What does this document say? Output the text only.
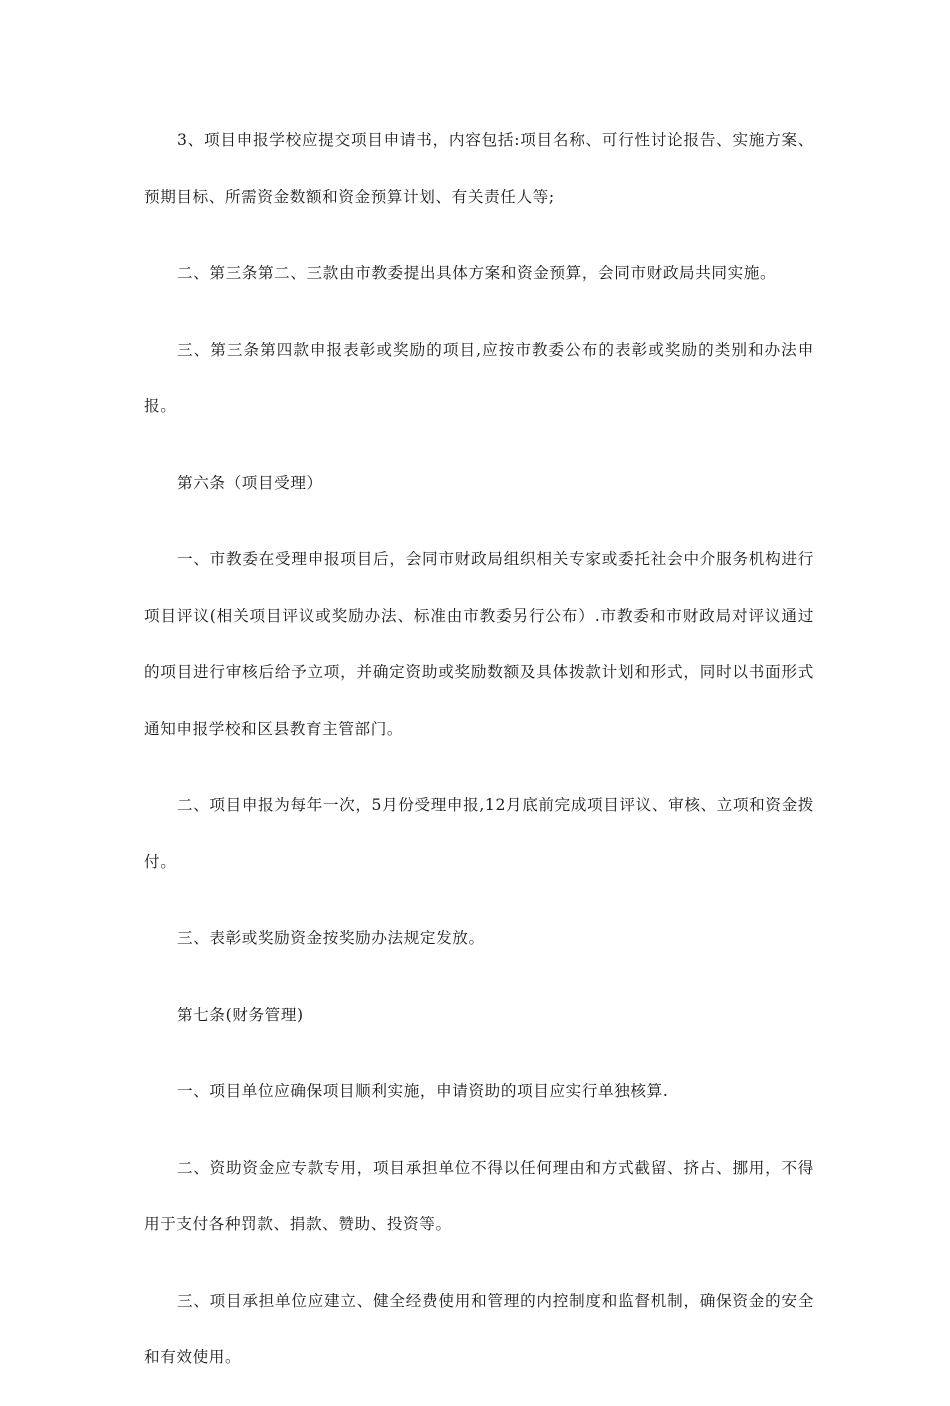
3、项目申报学校应提交项目申请书，内容包括:项目名称、可行性讨论报告、实施方案、预期目标、所需资金数额和资金预算计划、有关责任人等;

二、第三条第二、三款由市教委提出具体方案和资金预算，会同市财政局共同实施。

三、第三条第四款申报表彰或奖励的项目,应按市教委公布的表彰或奖励的类别和办法申报。

第六条（项目受理）

一、市教委在受理申报项目后，会同市财政局组织相关专家或委托社会中介服务机构进行项目评议(相关项目评议或奖励办法、标准由市教委另行公布）.市教委和市财政局对评议通过的项目进行审核后给予立项，并确定资助或奖励数额及具体拨款计划和形式，同时以书面形式通知申报学校和区县教育主管部门。

二、项目申报为每年一次，5月份受理申报,12月底前完成项目评议、审核、立项和资金拨付。

三、表彰或奖励资金按奖励办法规定发放。

第七条(财务管理)

一、项目单位应确保项目顺利实施，申请资助的项目应实行单独核算.

二、资助资金应专款专用，项目承担单位不得以任何理由和方式截留、挤占、挪用，不得用于支付各种罚款、捐款、赞助、投资等。

三、项目承担单位应建立、健全经费使用和管理的内控制度和监督机制，确保资金的安全和有效使用。
